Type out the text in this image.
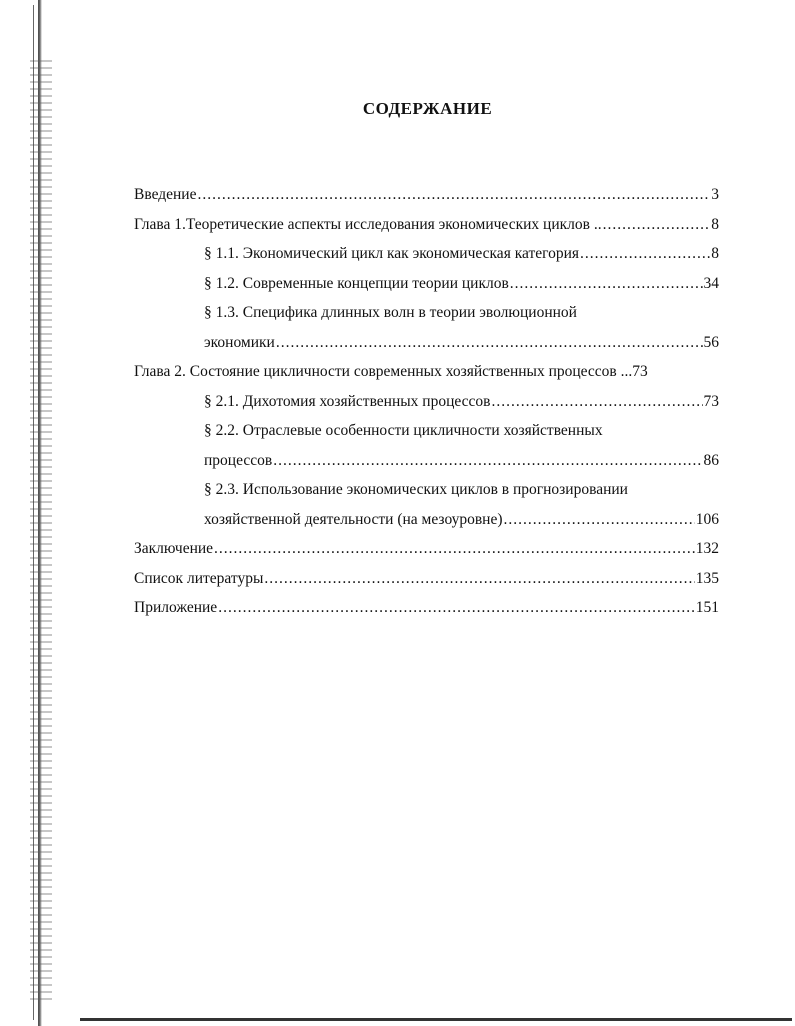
СОДЕРЖАНИЕ
Введение .....	3
Глава 1.Теоретические аспекты исследования экономических циклов .. .....	8
§ 1.1. Экономический цикл как экономическая категория .....	8
§ 1.2. Современные концепции теории циклов .....	34
§ 1.3. Специфика длинных волн в теории эволюционной
экономики .....	56
Глава 2. Состояние цикличности современных хозяйственных процессов ... 73
§ 2.1. Дихотомия хозяйственных процессов .....	73
§ 2.2. Отраслевые особенности цикличности хозяйственных
процессов .....	86
§ 2.3. Использование экономических циклов в прогнозировании
хозяйственной деятельности (на мезоуровне) .....	106
Заключение .....	132
Список литературы .....	135
Приложение .....	151
